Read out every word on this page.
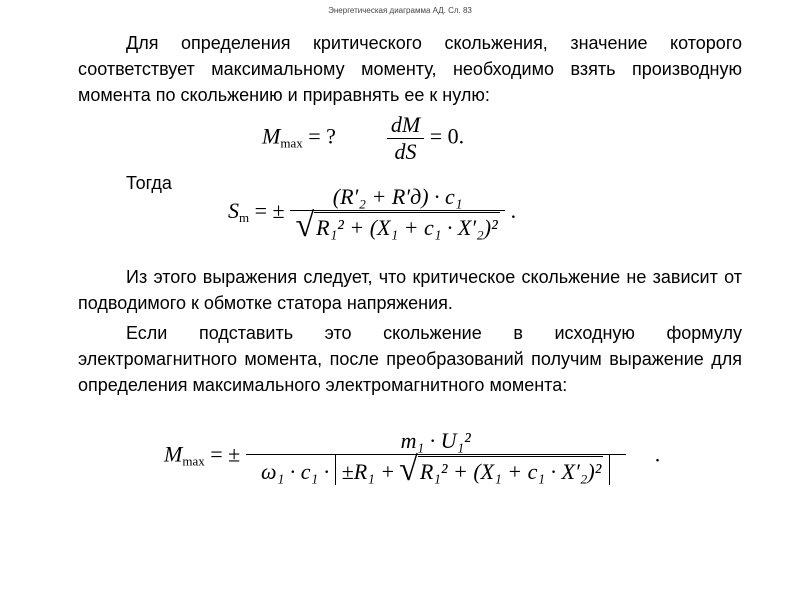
Энергетическая диаграмма АД. Сл. 83

Для определения критического скольжения, значение которого соответствует максимальному моменту, необходимо взять производную момента по скольжению и приравнять ее к нулю:

$M_{max}$ = ? $\frac{dM}{dS} = 0$.

Тогда

$S_m$ = ± $\frac{\text{(R′₂ + R′д) · c₁}}{\text{√ R₁² + (X₁ + c₁ · X′₂)²}}$ .

Из этого выражения следует, что критическое скольжение не зависит от подводимого к обмотке статора напряжения.

Если подставить это скольжение в исходную формулу электромагнитного момента, после преобразований получим выражение для определения максимального электромагнитного момента:

$M_{max}$ = ±
m₁ · U₁²
ω₁ · c₁ · ±R₁ + √ R₁² + (X₁ + c₁ · X′₂)²
.
